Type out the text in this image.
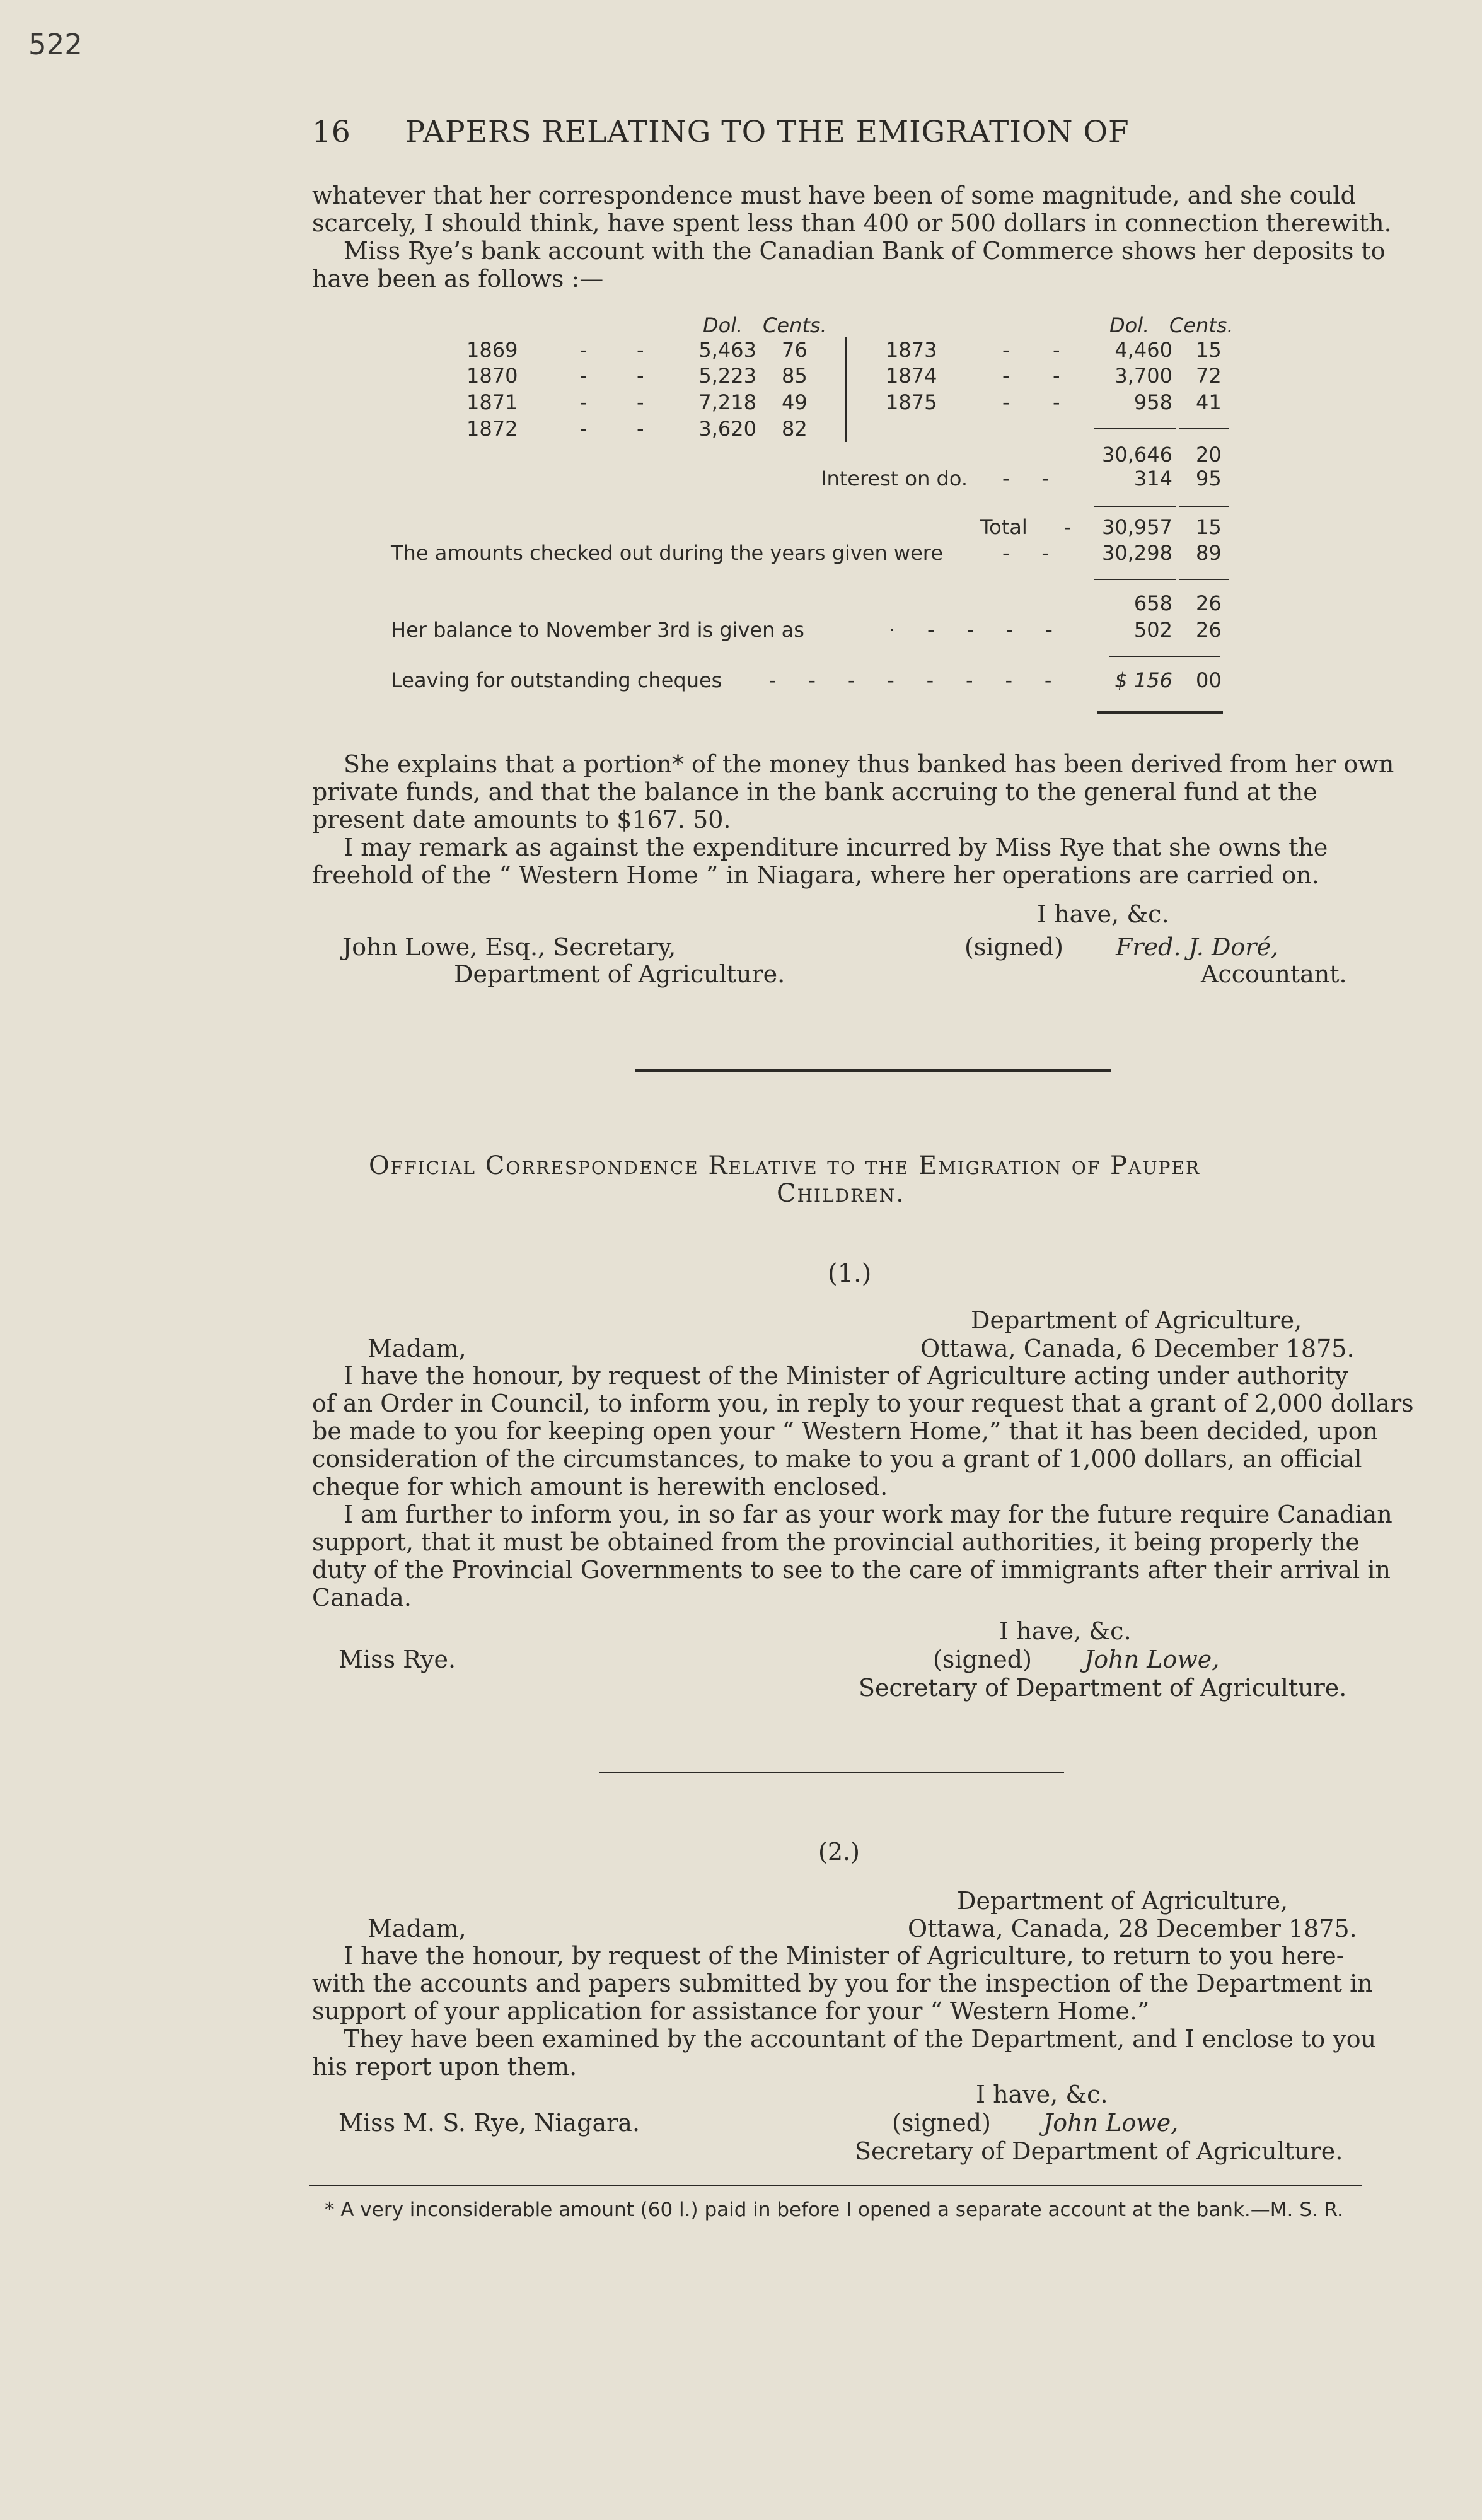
522
16 PAPERS RELATING TO THE EMIGRATION OF
whatever that her correspondence must have been of some magnitude, and she could
scarcely, I should think, have spent less than 400 or 500 dollars in connection therewith.
Miss Rye’s bank account with the Canadian Bank of Commerce shows her deposits to
have been as follows :—
Dol. Cents.	Dol. Cents.
1869	- -	5,463 76
1870	- -	5,223 85
1871	- -	7,218 49
1872	- -	3,620 82
1873	- -	4,460 15
1874	- -	3,700 72
1875	- -	958 41
30,646 20
Interest on do. -     -	314 95
Total -	30,957 15
The amounts checked out during the years given were	-     -	30,298 89
658 26
Her balance to November 3rd is given as	·     -     -     -     -	502 26
Leaving for outstanding cheques -     -     -     -     -     -     -     -	$ 156 00
She explains that a portion* of the money thus banked has been derived from her own
private funds, and that the balance in the bank accruing to the general fund at the
present date amounts to $167. 50.
I may remark as against the expenditure incurred by Miss Rye that she owns the
freehold of the “ Western Home ” in Niagara, where her operations are carried on.
I have, &c.
John Lowe, Esq., Secretary,	(signed) Fred. J. Doré,
Department of Agriculture.	Accountant.
Official Correspondence Relative to the Emigration of Pauper
Children.
(1.)
Department of Agriculture,
Madam,	Ottawa, Canada, 6 December 1875.
I have the honour, by request of the Minister of Agriculture acting under authority
of an Order in Council, to inform you, in reply to your request that a grant of 2,000 dollars
be made to you for keeping open your “ Western Home,” that it has been decided, upon
consideration of the circumstances, to make to you a grant of 1,000 dollars, an official
cheque for which amount is herewith enclosed.
I am further to inform you, in so far as your work may for the future require Canadian
support, that it must be obtained from the provincial authorities, it being properly the
duty of the Provincial Governments to see to the care of immigrants after their arrival in
Canada.
I have, &c.
Miss Rye.	(signed) John Lowe,
Secretary of Department of Agriculture.
(2.)
Department of Agriculture,
Madam,	Ottawa, Canada, 28 December 1875.
I have the honour, by request of the Minister of Agriculture, to return to you here-
with the accounts and papers submitted by you for the inspection of the Department in
support of your application for assistance for your “ Western Home.”
They have been examined by the accountant of the Department, and I enclose to you
his report upon them.
I have, &c.
Miss M. S. Rye, Niagara.	(signed) John Lowe,
Secretary of Department of Agriculture.
* A very inconsiderable amount (60 l.) paid in before I opened a separate account at the bank.—M. S. R.
